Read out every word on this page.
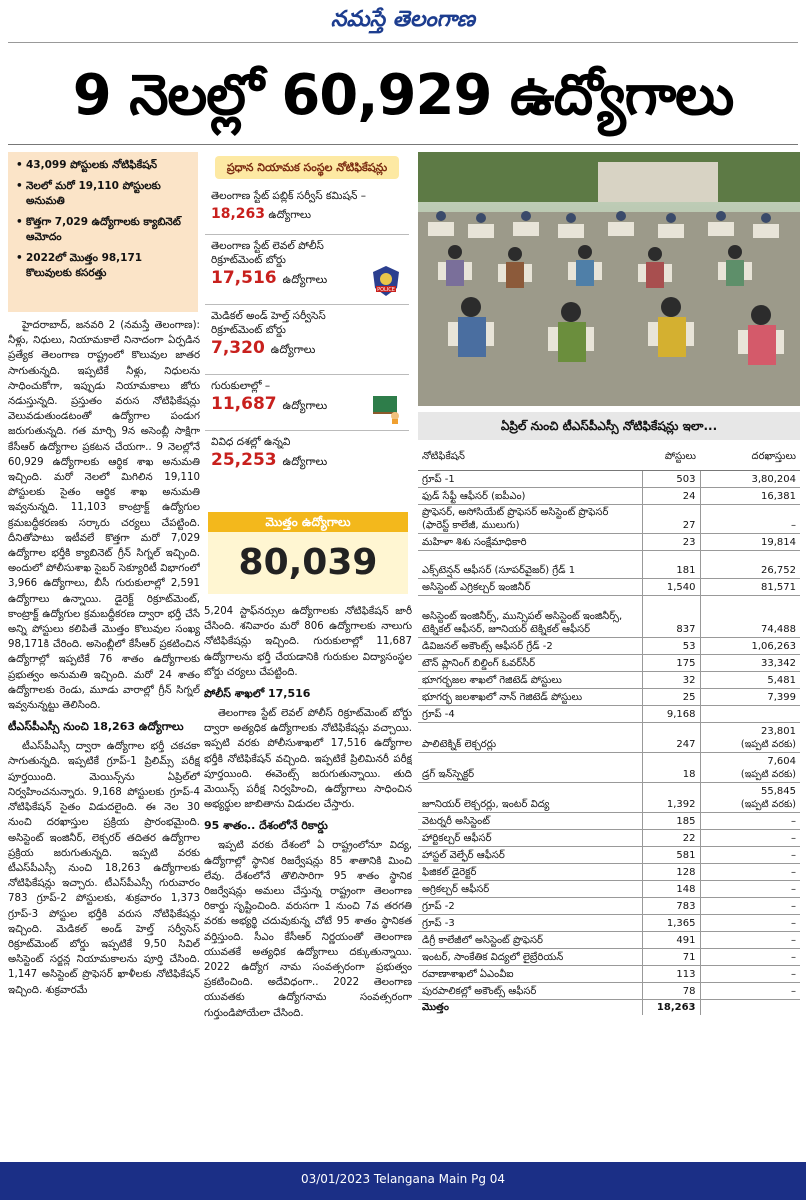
నమస్తే తెలంగాణ
9 నెలల్లో 60,929 ఉద్యోగాలు
• 43,099 పోస్టులకు నోటిఫికేషన్
• నెలలో మరో 19,110 పోస్టులకు అనుమతి
• కొత్తగా 7,029 ఉద్యోగాలకు క్యాబినెట్ ఆమోదం
• 2022లో మొత్తం 98,171 కొలువులకు కసరత్తు

హైదరాబాద్, జనవరి 2 (నమస్తే తెలంగాణ): నీళ్లు, నిధులు, నియామకాలే నినాదంగా ఏర్పడిన ప్రత్యేక తెలంగాణ రాష్ట్రంలో కొలువుల జాతర సాగుతున్నది. ఇప్పటికే నీళ్లు, నిధులను సాధించుకోగా, ఇప్పుడు నియామకాలు జోరు నడుస్తున్నది. ప్రస్తుతం వరుస నోటిఫికేషన్లు వెలువడుతుండటంతో ఉద్యోగాల పండుగ జరుగుతున్నది. గత మార్చి 9న అసెంబ్లీ సాక్షిగా కేసీఆర్ ఉద్యోగాల ప్రకటన చేయగా.. 9 నెలల్లోనే 60,929 ఉద్యోగాలకు ఆర్థిక శాఖ అనుమతి ఇచ్చింది. మరో నెలలో మిగిలిన 19,110 పోస్టులకు సైతం ఆర్థిక శాఖ అనుమతి ఇవ్వనున్నది. 11,103 కాంట్రాక్ట్ ఉద్యోగుల క్రమబద్ధీకరణకు సర్కారు చర్యలు చేపట్టింది. దీనితోపాటు ఇటీవలే కొత్తగా మరో 7,029 ఉద్యోగాల భర్తీకి క్యాబినెట్ గ్రీన్ సిగ్నల్ ఇచ్చింది. అందులో పోలీసుశాఖ సైబర్ సెక్యూరిటీ విభాగంలో 3,966 ఉద్యోగాలు, బీసీ గురుకులాల్లో 2,591 ఉద్యోగాలు ఉన్నాయి. డైరెక్ట్ రిక్రూట్‌మెంట్, కాంట్రాక్ట్ ఉద్యోగుల క్రమబద్ధీకరణ ద్వారా భర్తీ చేసే అన్ని పోస్టులు కలిపితే మొత్తం కొలువుల సంఖ్య 98,171కి చేరింది. అసెంబ్లీలో కేసీఆర్ ప్రకటించిన ఉద్యోగాల్లో ఇప్పటికే 76 శాతం ఉద్యోగాలకు ప్రభుత్వం అనుమతి ఇచ్చింది. మరో 24 శాతం ఉద్యోగాలకు రెండు, మూడు వారాల్లో గ్రీన్ సిగ్నల్ ఇవ్వనున్నట్టు తెలిసింది.

టీఎస్‌పీఎస్సీ నుంచి 18,263 ఉద్యోగాలు

టీఎస్‌పీఎస్సీ ద్వారా ఉద్యోగాల భర్తీ చకచకా సాగుతున్నది. ఇప్పటికే గ్రూప్-1 ప్రిలిమ్స్ పరీక్ష పూర్తయింది. మెయిన్స్‌ను ఏప్రిల్‌లో నిర్వహించనున్నారు. 9,168 పోస్టులకు గ్రూప్-4 నోటిఫికేషన్ సైతం విడుదలైంది. ఈ నెల 30 నుంచి దరఖాస్తుల ప్రక్రియ ప్రారంభమైంది. అసిస్టెంట్ ఇంజినీర్, లెక్చరర్ తదితర ఉద్యోగాల ప్రక్రియ జరుగుతున్నది. ఇప్పటి వరకు టీఎస్‌పీఎస్సీ నుంచి 18,263 ఉద్యోగాలకు నోటిఫికేషన్లు ఇచ్చారు. టీఎస్‌పీఎస్సీ గురువారం 783 గ్రూప్-2 పోస్టులకు, శుక్రవారం 1,373 గ్రూప్-3 పోస్టుల భర్తీకి వరుస నోటిఫికేషన్లు ఇచ్చింది. మెడికల్ అండ్ హెల్త్ సర్వీసెస్ రిక్రూట్‌మెంట్ బోర్డు ఇప్పటికే 9,50 సివిల్ అసిస్టెంట్ సర్జన్ల నియామకాలను పూర్తి చేసింది. 1,147 అసిస్టెంట్ ప్రొఫెసర్ ఖాళీలకు నోటిఫికేషన్ ఇచ్చింది. శుక్రవారమే

ప్రధాన నియామక సంస్థల నోటిఫికేషన్లు
తెలంగాణ స్టేట్ పబ్లిక్ సర్వీస్ కమిషన్ – 18,263 ఉద్యోగాలు
తెలంగాణ స్టేట్ లెవల్ పోలీస్ రిక్రూట్‌మెంట్ బోర్డు
17,516 ఉద్యోగాలు
POLICE
మెడికల్ అండ్ హెల్త్ సర్వీసెస్ రిక్రూట్‌మెంట్ బోర్డు
7,320 ఉద్యోగాలు
గురుకులాల్లో –
11,687 ఉద్యోగాలు
వివిధ దశల్లో ఉన్నవి
25,253 ఉద్యోగాలు
మొత్తం ఉద్యోగాలు
80,039

5,204 స్టాఫ్‌నర్సుల ఉద్యోగాలకు నోటిఫికేషన్ జారీ చేసింది. శనివారం మరో 806 ఉద్యోగాలకు నాలుగు నోటిఫికేషన్లు ఇచ్చింది. గురుకులాల్లో 11,687 ఉద్యోగాలను భర్తీ చేయడానికి గురుకుల విద్యాసంస్థల బోర్డు చర్యలు చేపట్టింది.

పోలీస్ శాఖలో 17,516

తెలంగాణ స్టేట్ లెవల్ పోలీస్ రిక్రూట్‌మెంట్ బోర్డు ద్వారా అత్యధిక ఉద్యోగాలకు నోటిఫికేషన్లు వచ్చాయి. ఇప్పటి వరకు పోలీసుశాఖలో 17,516 ఉద్యోగాల భర్తీకి నోటిఫికేషన్ వచ్చింది. ఇప్పటికే ప్రిలిమినరీ పరీక్ష పూర్తయింది. ఈవెంట్స్ జరుగుతున్నాయి. తుది మెయిన్స్ పరీక్ష నిర్వహించి, ఉద్యోగాలు సాధించిన అభ్యర్థుల జాబితాను విడుదల చేస్తారు.

95 శాతం.. దేశంలోనే రికార్డు

ఇప్పటి వరకు దేశంలో ఏ రాష్ట్రంలోనూ విద్య, ఉద్యోగాల్లో స్థానిక రిజర్వేషన్లు 85 శాతానికి మించి లేవు. దేశంలోనే తొలిసారిగా 95 శాతం స్థానిక రిజర్వేషన్లు అమలు చేస్తున్న రాష్ట్రంగా తెలంగాణ రికార్డు సృష్టించింది. వరుసగా 1 నుంచి 7వ తరగతి వరకు అభ్యర్థి చదువుకున్న చోటే 95 శాతం స్థానికత వర్తిస్తుంది. సీఎం కేసీఆర్ నిర్ణయంతో తెలంగాణ యువతకే అత్యధిక ఉద్యోగాలు దక్కుతున్నాయి. 2022 ఉద్యోగ నామ సంవత్సరంగా ప్రభుత్వం ప్రకటించింది. అదేవిధంగా.. 2022 తెలంగాణ యువతకు ఉద్యోగనామ సంవత్సరంగా గుర్తుండిపోయేలా చేసింది.

ఏప్రిల్ నుంచి టీఎస్‌పీఎస్సీ నోటిఫికేషన్లు ఇలా...
నోటిఫికేషన్	పోస్టులు	దరఖాస్తులు
గ్రూప్ -1	503	3,80,204
ఫుడ్ సేఫ్టీ ఆఫీసర్ (ఐపీఎం)	24	16,381
ప్రొఫెసర్, అసోసియేట్ ప్రొఫెసర్ అసిస్టెంట్ ప్రొఫెసర్ (ఫారెస్ట్ కాలేజీ, ములుగు)	27	–
మహిళా శిశు సంక్షేమాధికారి	23	19,814
ఎక్స్‌టెన్షన్ ఆఫీసర్ (సూపర్‌వైజర్) గ్రేడ్ 1	181	26,752
అసిస్టెంట్ ఎగ్రికల్చర్ ఇంజినీర్	1,540	81,571
అసిస్టెంట్ ఇంజినీర్స్, మున్సిపల్ అసిస్టెంట్ ఇంజినీర్స్, టెక్నికల్ ఆఫీసర్, జూనియర్ టెక్నికల్ ఆఫీసర్	837	74,488
డివిజనల్ అకౌంట్స్ ఆఫీసర్ గ్రేడ్ -2	53	1,06,263
టౌన్ ప్లానింగ్ బిల్డింగ్ ఓవర్‌సీర్	175	33,342
భూగర్భజల శాఖలో గెజిటెడ్ పోస్టులు	32	5,481
భూగర్భ జలశాఖలో నాన్ గెజిటెడ్ పోస్టులు	25	7,399
గ్రూప్ -4	9,168	
పాలిటెక్నిక్ లెక్చరర్లు	247	23,801
(ఇప్పటి వరకు)

డ్రగ్ ఇన్‌స్పెక్టర్	18	7,604
(ఇప్పటి వరకు)

జూనియర్ లెక్చరర్లు, ఇంటర్ విద్య	1,392	55,845
(ఇప్పటి వరకు)

వెటర్నరీ అసిస్టెంట్	185	–
హార్టికల్చర్ ఆఫీసర్	22	–
హాస్టల్ వెల్ఫేర్ ఆఫీసర్	581	–
ఫిజికల్ డైరెక్టర్	128	–
అగ్రికల్చర్ ఆఫీసర్	148	–
గ్రూప్ -2	783	–
గ్రూప్ -3	1,365	–
డిగ్రీ కాలేజీలో అసిస్టెంట్ ప్రొఫెసర్	491	–
ఇంటర్, సాంకేతిక విద్యలో లైబ్రేరియన్	71	–
రవాణాశాఖలో ఏఎంవీఐ	113	–
పురపాలికల్లో అకౌంట్స్ ఆఫీసర్	78	–
మొత్తం	18,263	
03/01/2023 Telangana Main Pg 04
